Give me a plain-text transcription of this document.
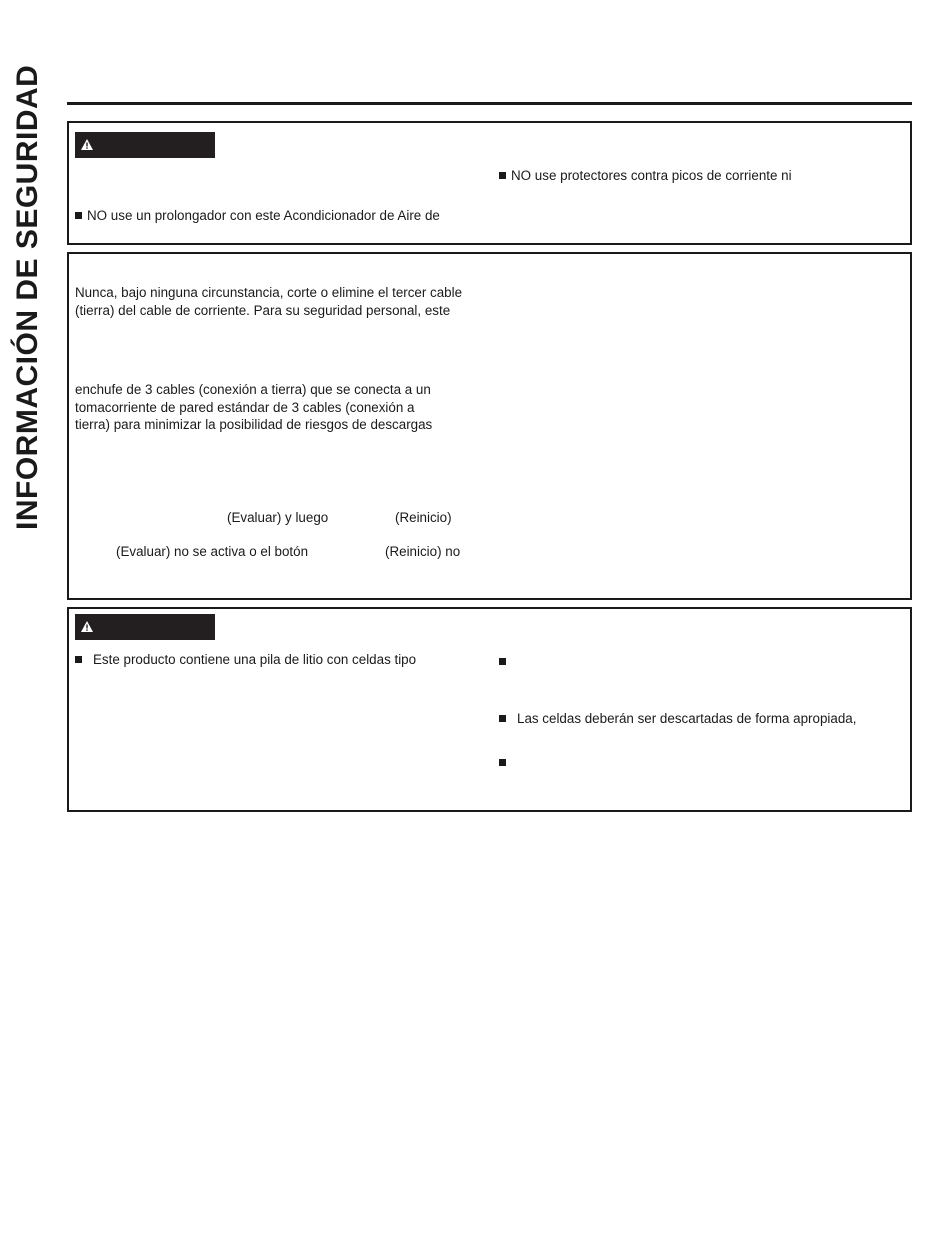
INFORMACIÓN DE SEGURIDAD	NO use protectores contra picos de corriente ni
NO use un prolongador con este Acondicionador de Aire de
Nunca, bajo ninguna circunstancia, corte o elimine el tercer cable
(tierra) del cable de corriente. Para su seguridad personal, este
enchufe de 3 cables (conexión a tierra) que se conecta a un
tomacorriente de pared estándar de 3 cables (conexión a
tierra) para minimizar la posibilidad de riesgos de descargas
(Evaluar) y luego	(Reinicio)
(Evaluar) no se activa o el botón	(Reinicio) no
Este producto contiene una pila de litio con celdas tipo
Las celdas deberán ser descartadas de forma apropiada,
